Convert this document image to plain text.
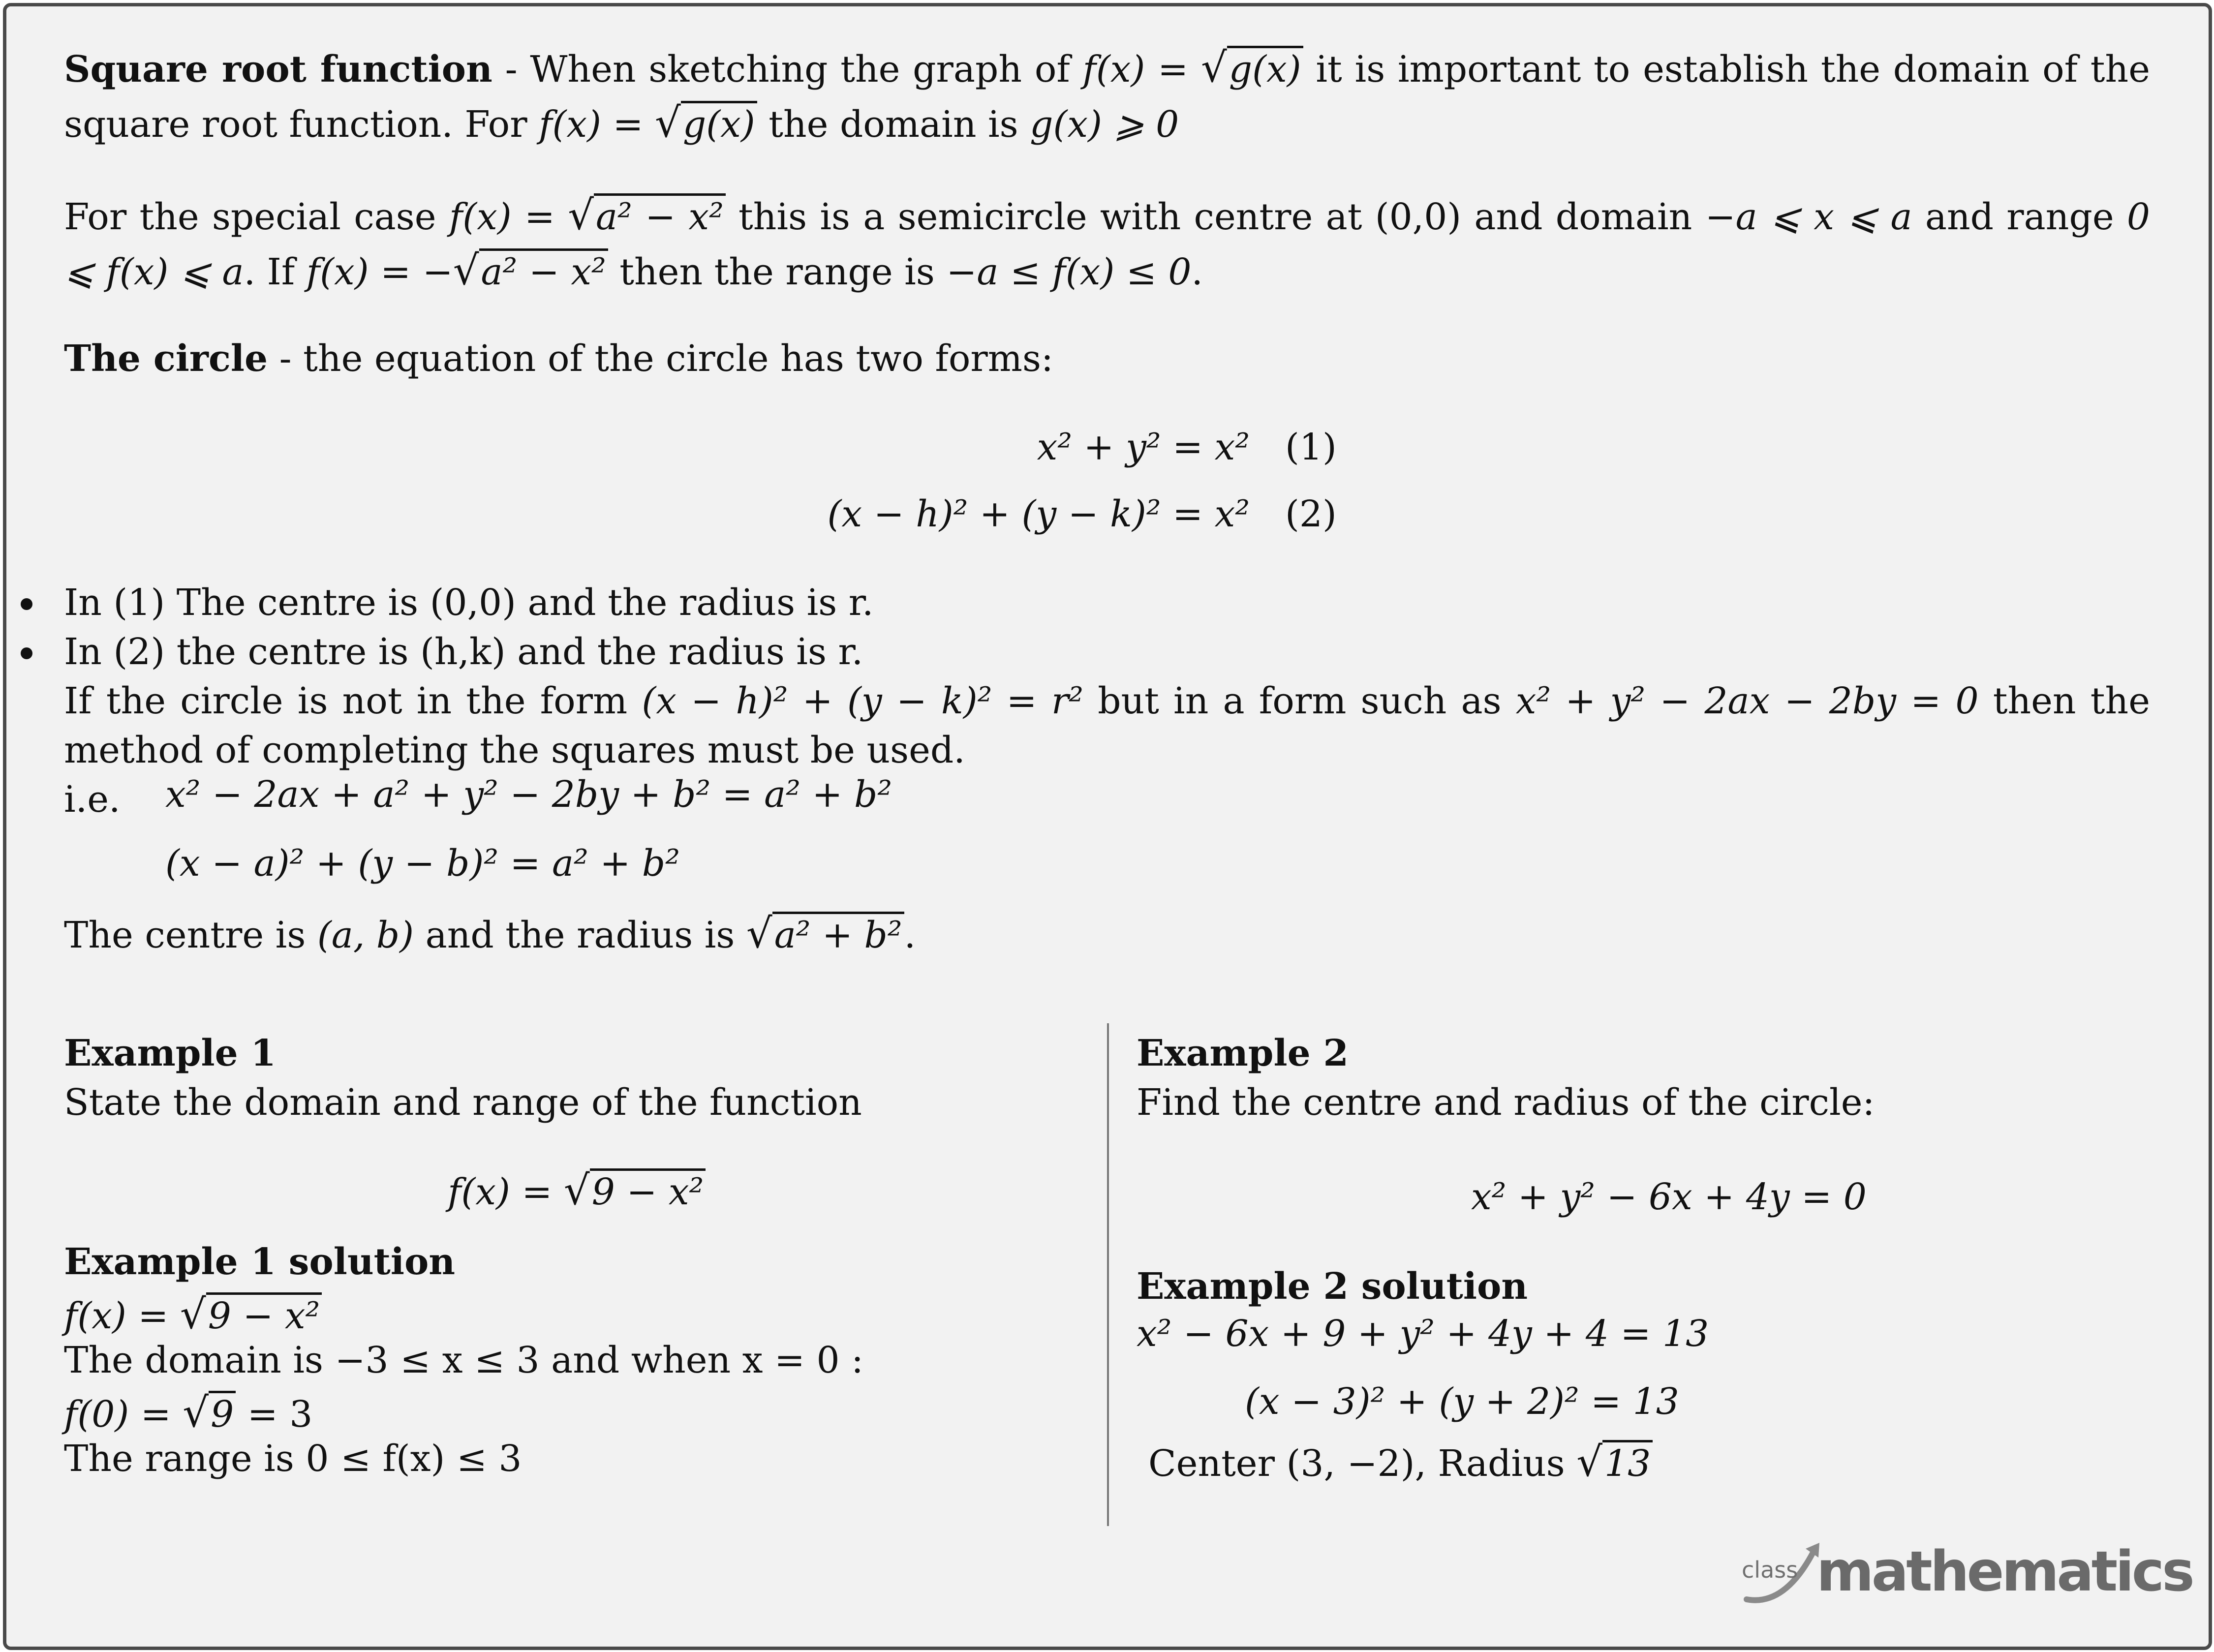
Square root function - When sketching the graph of f(x) = √g(x) it is important to establish the domain of the square root function. For f(x) = √g(x) the domain is g(x) ⩾ 0
For the special case f(x) = √a² − x² this is a semicircle with centre at (0,0) and domain −a ⩽ x ⩽ a and range 0 ⩽ f(x) ⩽ a. If f(x) = −√a² − x² then the range is −a ≤ f(x) ≤ 0.
The circle - the equation of the circle has two forms:
x² + y² = x² (1)
(x − h)² + (y − k)² = x² (2)
In (1) The centre is (0,0) and the radius is r.
In (2) the centre is (h,k) and the radius is r.
If the circle is not in the form (x − h)² + (y − k)² = r² but in a form such as x² + y² − 2ax − 2by = 0 then the method of completing the squares must be used.
i.e. x² − 2ax + a² + y² − 2by + b² = a² + b²
(x − a)² + (y − b)² = a² + b²
The centre is (a, b) and the radius is √a² + b².
Example 1
State the domain and range of the function
f(x) = √9 − x²
Example 1 solution
f(x) = √9 − x²
The domain is −3 ≤ x ≤ 3 and when x = 0 :
f(0) = √9 = 3
The range is 0 ≤ f(x) ≤ 3
Example 2
Find the centre and radius of the circle:
x² + y² − 6x + 4y = 0
Example 2 solution
x² − 6x + 9 + y² + 4y + 4 = 13
(x − 3)² + (y + 2)² = 13
Center (3, −2), Radius √13
class mathematics
